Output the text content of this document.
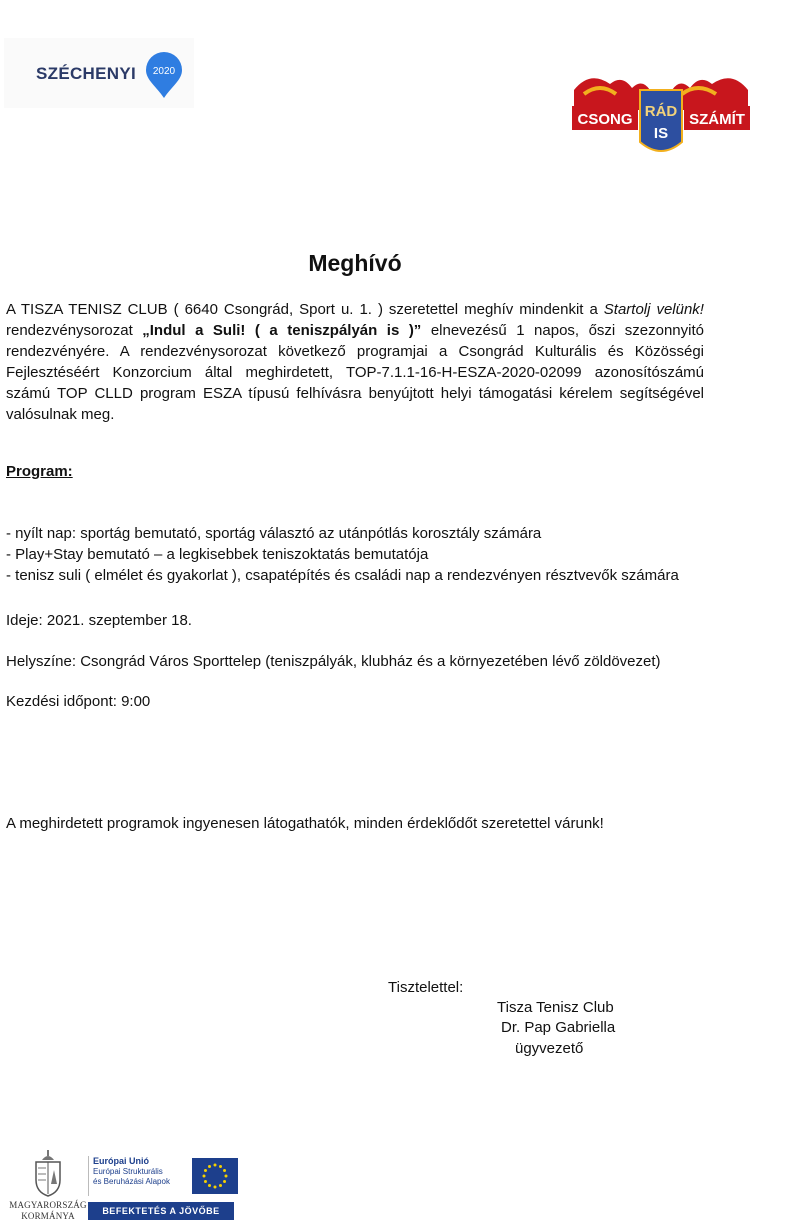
SZÉCHENYI 2020
CSONG RÁD
IS
SZÁMÍT
Meghívó
A TISZA TENISZ CLUB ( 6640 Csongrád, Sport u. 1. ) szeretettel meghív mindenkit a Startolj velünk! rendezvénysorozat „Indul a Suli! ( a teniszpályán is )” elnevezésű 1 napos, őszi szezonnyitó rendezvényére. A rendezvénysorozat következő programjai a Csongrád Kulturális és Közösségi Fejlesztéséért Konzorcium által meghirdetett, TOP-7.1.1-16-H-ESZA-2020-02099 azonosítószámú számú TOP CLLD program ESZA típusú felhívásra benyújtott helyi támogatási kérelem segítségével valósulnak meg.
Program:
- nyílt nap: sportág bemutató, sportág választó az utánpótlás korosztály számára
- Play+Stay bemutató – a legkisebbek teniszoktatás bemutatója
- tenisz suli ( elmélet és gyakorlat ), csapatépítés és családi nap a rendezvényen résztvevők számára
Ideje: 2021. szeptember 18.
Helyszíne: Csongrád Város Sporttelep (teniszpályák, klubház és a környezetében lévő zöldövezet)
Kezdési időpont: 9:00
A meghirdetett programok ingyenesen látogathatók, minden érdeklődőt szeretettel várunk!
Tisztelettel:
Tisza Tenisz Club
Dr. Pap Gabriella
ügyvezető
MAGYARORSZÁG
KORMÁNYA
Európai Unió
Európai Strukturális
és Beruházási Alapok
BEFEKTETÉS A JÖVŐBE
